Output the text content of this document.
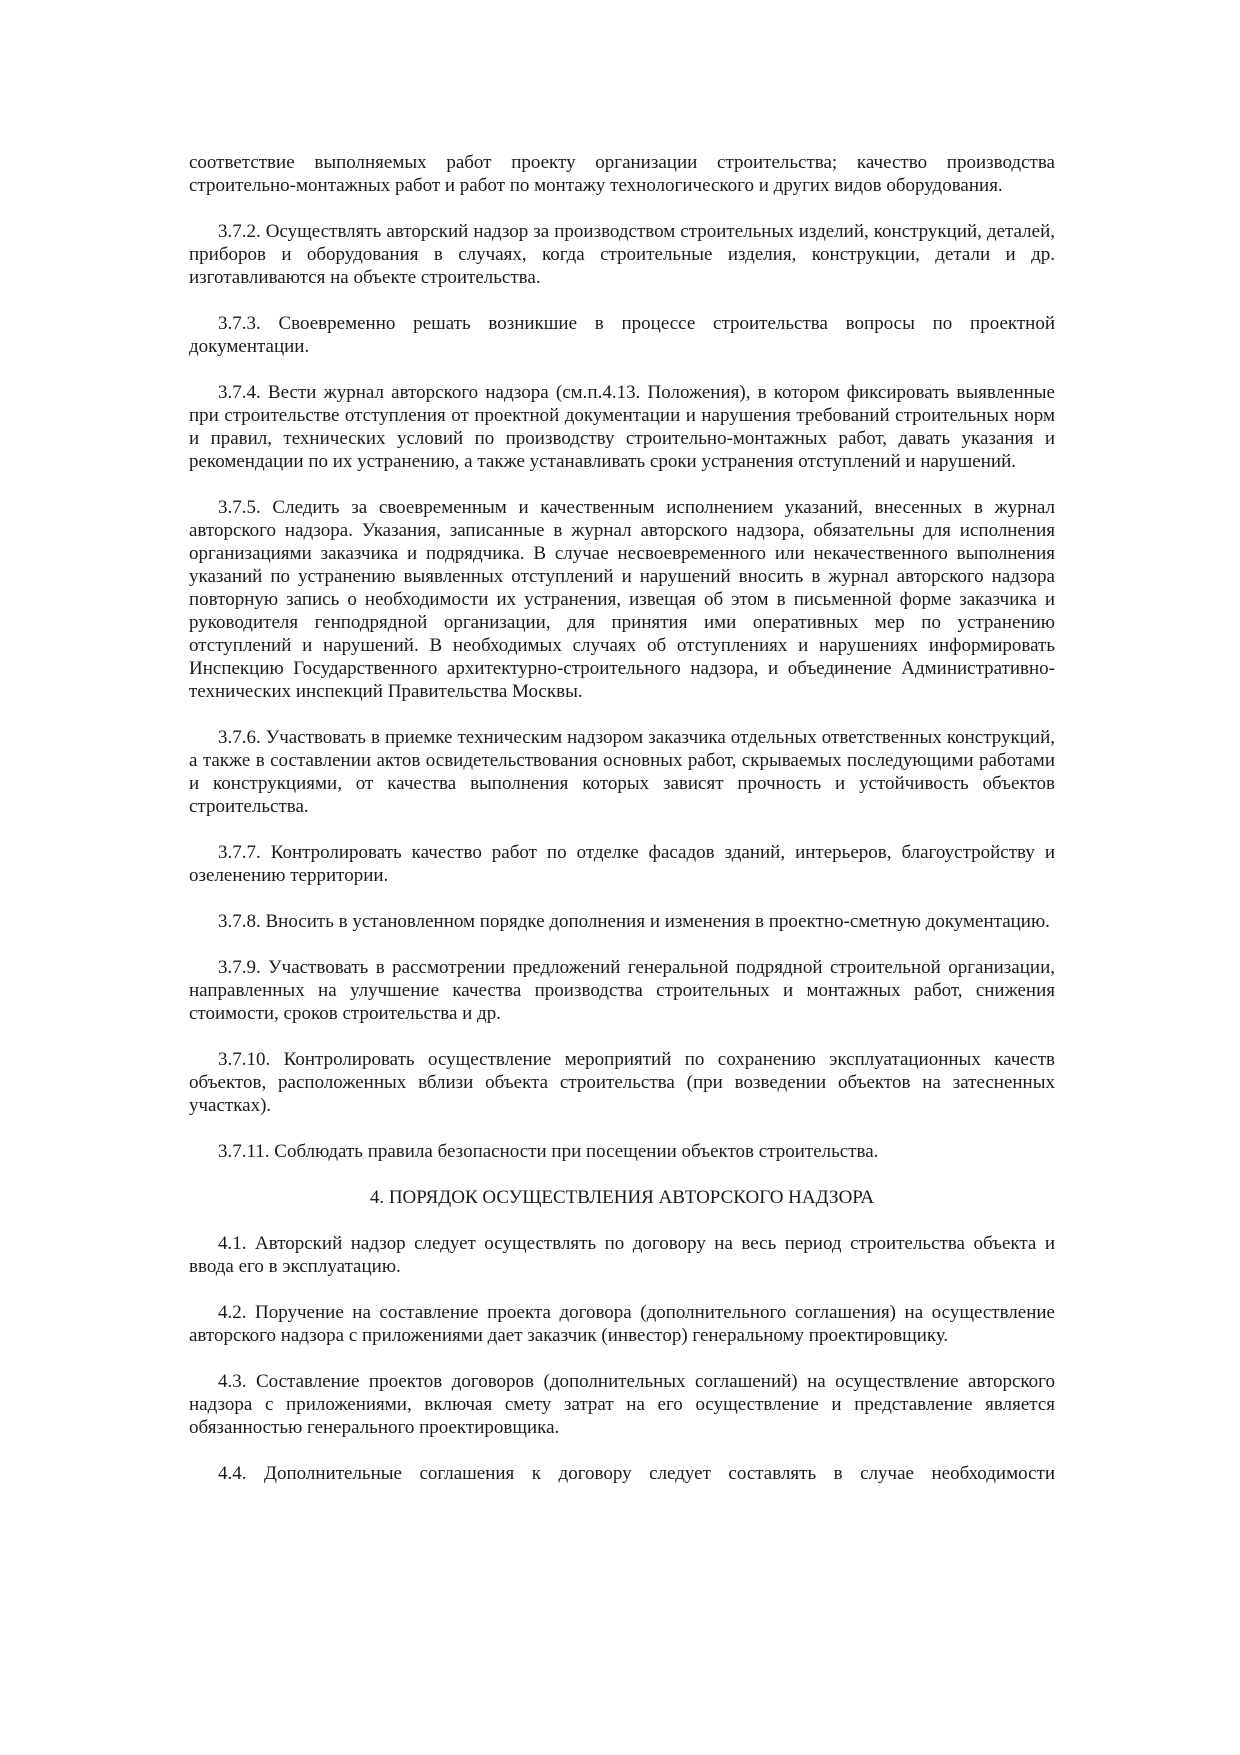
соответствие выполняемых работ проекту организации строительства; качество производства строительно-монтажных работ и работ по монтажу технологического и других видов оборудования.

3.7.2. Осуществлять авторский надзор за производством строительных изделий, конструкций, деталей, приборов и оборудования в случаях, когда строительные изделия, конструкции, детали и др. изготавливаются на объекте строительства.

3.7.3. Своевременно решать возникшие в процессе строительства вопросы по проектной документации.

3.7.4. Вести журнал авторского надзора (см.п.4.13. Положения), в котором фиксировать выявленные при строительстве отступления от проектной документации и нарушения требований строительных норм и правил, технических условий по производству строительно-монтажных работ, давать указания и рекомендации по их устранению, а также устанавливать сроки устранения отступлений и нарушений.

3.7.5. Следить за своевременным и качественным исполнением указаний, внесенных в журнал авторского надзора. Указания, записанные в журнал авторского надзора, обязательны для исполнения организациями заказчика и подрядчика. В случае несвоевременного или некачественного выполнения указаний по устранению выявленных отступлений и нарушений вносить в журнал авторского надзора повторную запись о необходимости их устранения, извещая об этом в письменной форме заказчика и руководителя генподрядной организации, для принятия ими оперативных мер по устранению отступлений и нарушений. В необходимых случаях об отступлениях и нарушениях информировать Инспекцию Государственного архитектурно-строительного надзора, и объединение Административно-технических инспекций Правительства Москвы.

3.7.6. Участвовать в приемке техническим надзором заказчика отдельных ответственных конструкций, а также в составлении актов освидетельствования основных работ, скрываемых последующими работами и конструкциями, от качества выполнения которых зависят прочность и устойчивость объектов строительства.

3.7.7. Контролировать качество работ по отделке фасадов зданий, интерьеров, благоустройству и озеленению территории.

3.7.8. Вносить в установленном порядке дополнения и изменения в проектно-сметную документацию.

3.7.9. Участвовать в рассмотрении предложений генеральной подрядной строительной организации, направленных на улучшение качества производства строительных и монтажных работ, снижения стоимости, сроков строительства и др.

3.7.10. Контролировать осуществление мероприятий по сохранению эксплуатационных качеств объектов, расположенных вблизи объекта строительства (при возведении объектов на затесненных участках).

3.7.11. Соблюдать правила безопасности при посещении объектов строительства.

4. ПОРЯДОК ОСУЩЕСТВЛЕНИЯ АВТОРСКОГО НАДЗОРА

4.1. Авторский надзор следует осуществлять по договору на весь период строительства объекта и ввода его в эксплуатацию.

4.2. Поручение на составление проекта договора (дополнительного соглашения) на осуществление авторского надзора с приложениями дает заказчик (инвестор) генеральному проектировщику.

4.3. Составление проектов договоров (дополнительных соглашений) на осуществление авторского надзора с приложениями, включая смету затрат на его осуществление и представление является обязанностью генерального проектировщика.

4.4. Дополнительные соглашения к договору следует составлять в случае необходимости
